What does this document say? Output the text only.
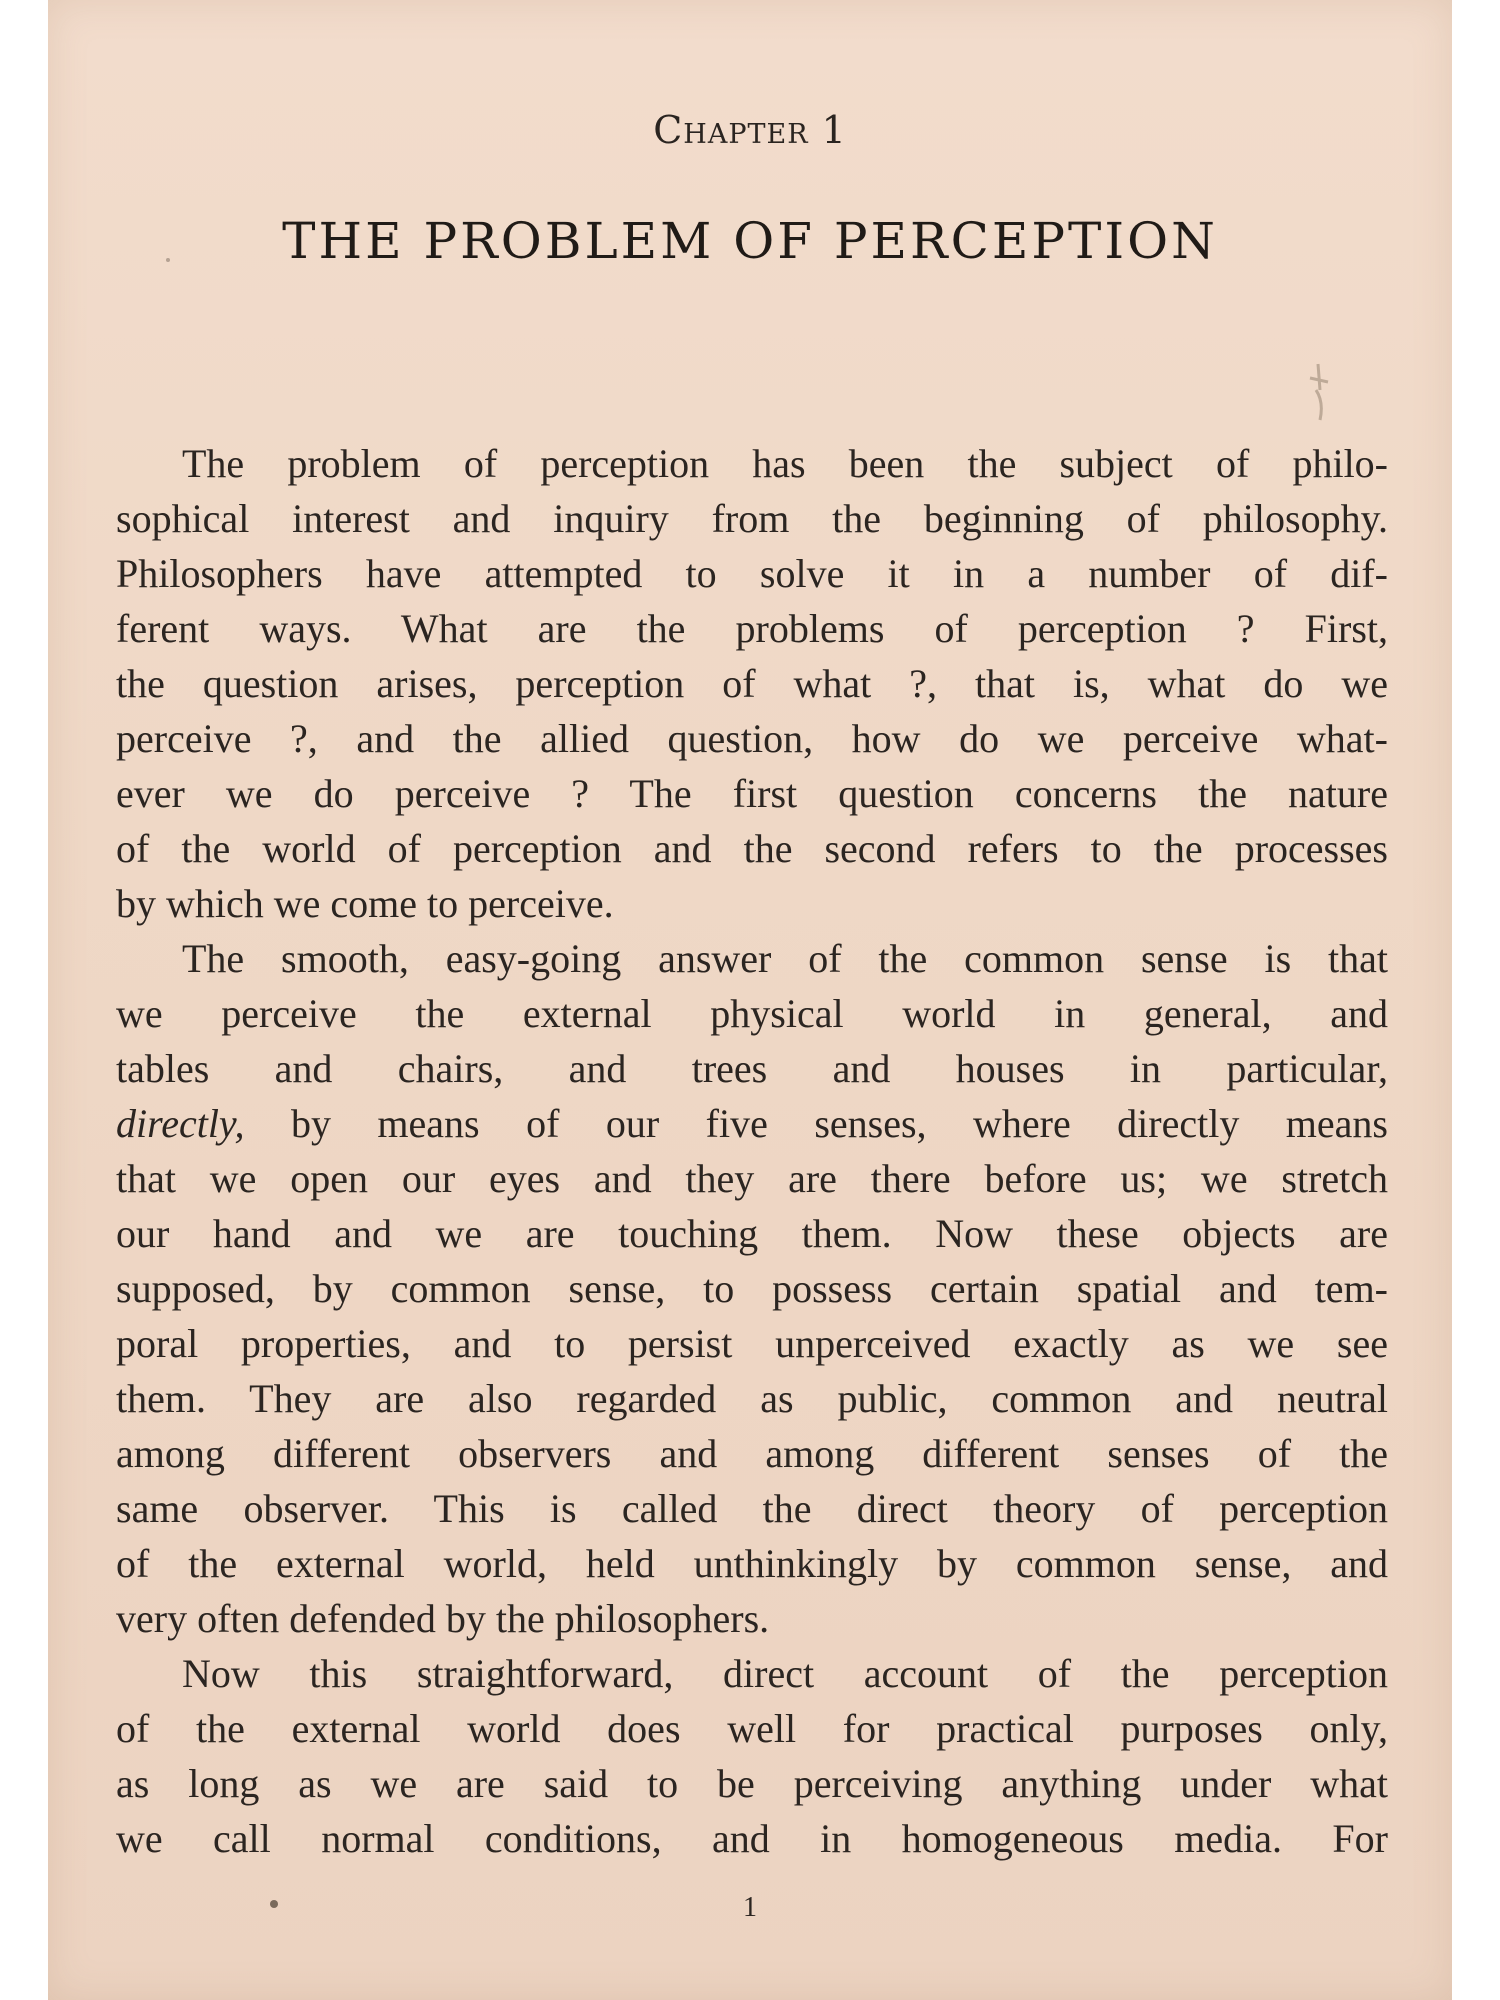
Chapter 1
THE PROBLEM OF PERCEPTION
The problem of perception has been the subject of philo-
sophical interest and inquiry from the beginning of philosophy.
Philosophers have attempted to solve it in a number of dif-
ferent ways. What are the problems of perception ? First,
the question arises, perception of what ?, that is, what do we
perceive ?, and the allied question, how do we perceive what-
ever we do perceive ? The first question concerns the nature
of the world of perception and the second refers to the processes
by which we come to perceive.
The smooth, easy-going answer of the common sense is that
we perceive the external physical world in general, and
tables and chairs, and trees and houses in particular,
directly, by means of our five senses, where directly means
that we open our eyes and they are there before us; we stretch
our hand and we are touching them. Now these objects are
supposed, by common sense, to possess certain spatial and tem-
poral properties, and to persist unperceived exactly as we see
them. They are also regarded as public, common and neutral
among different observers and among different senses of the
same observer. This is called the direct theory of perception
of the external world, held unthinkingly by common sense, and
very often defended by the philosophers.
Now this straightforward, direct account of the perception
of the external world does well for practical purposes only,
as long as we are said to be perceiving anything under what
we call normal conditions, and in homogeneous media. For
1
